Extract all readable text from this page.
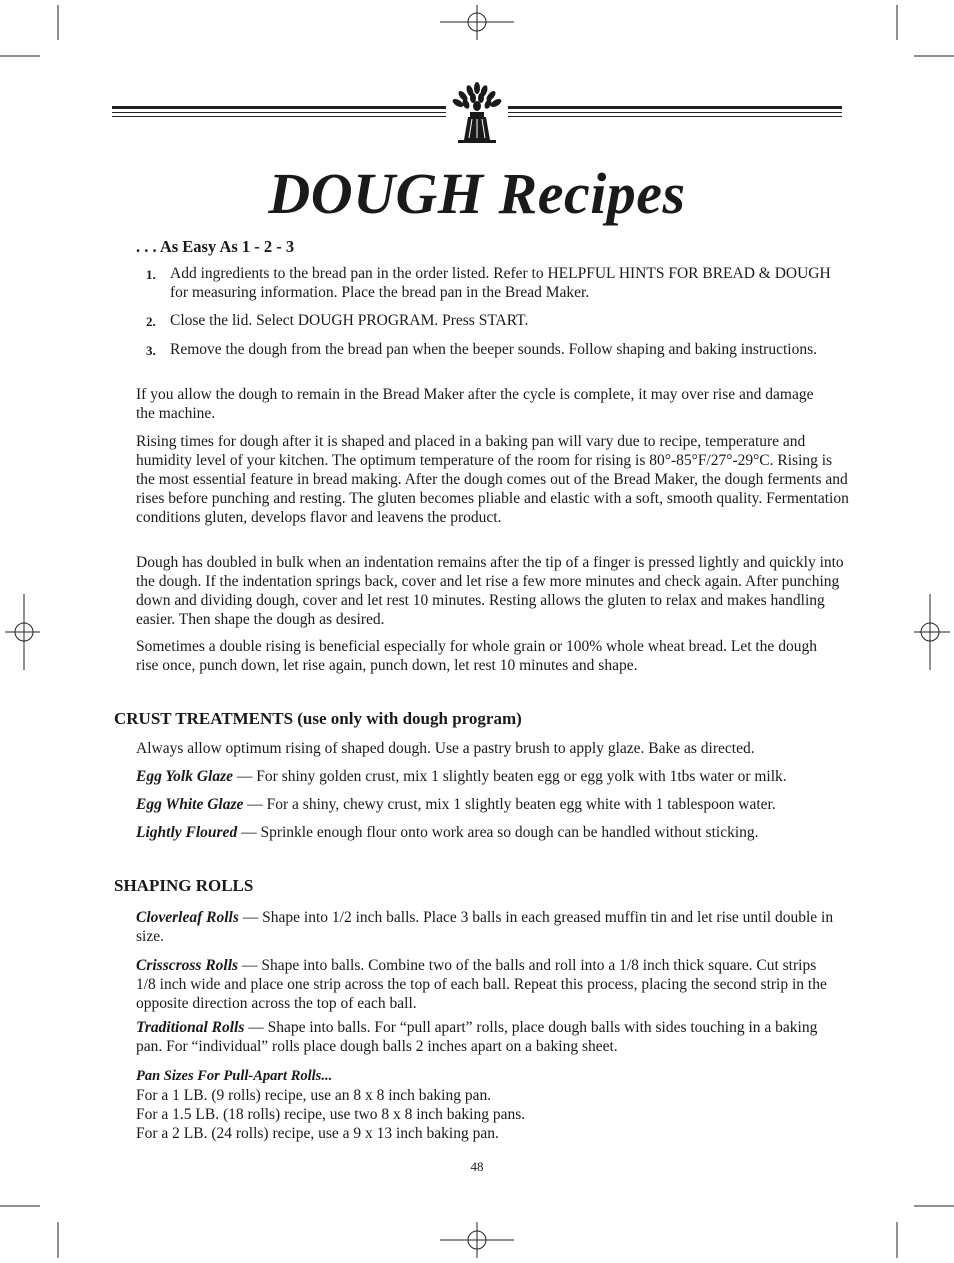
DOUGH Recipes
. . . As Easy As 1 - 2 - 3
1. Add ingredients to the bread pan in the order listed. Refer to HELPFUL HINTS FOR BREAD & DOUGH for measuring information. Place the bread pan in the Bread Maker.
2. Close the lid. Select DOUGH PROGRAM. Press START.
3. Remove the dough from the bread pan when the beeper sounds. Follow shaping and baking instructions.

If you allow the dough to remain in the Bread Maker after the cycle is complete, it may over rise and damage the machine.

Rising times for dough after it is shaped and placed in a baking pan will vary due to recipe, temperature and humidity level of your kitchen. The optimum temperature of the room for rising is 80°-85°F/27°-29°C. Rising is the most essential feature in bread making. After the dough comes out of the Bread Maker, the dough ferments and rises before punching and resting. The gluten becomes pliable and elastic with a soft, smooth quality. Fermentation conditions gluten, develops flavor and leavens the product.

Dough has doubled in bulk when an indentation remains after the tip of a finger is pressed lightly and quickly into the dough. If the indentation springs back, cover and let rise a few more minutes and check again. After punching down and dividing dough, cover and let rest 10 minutes. Resting allows the gluten to relax and makes handling easier. Then shape the dough as desired.

Sometimes a double rising is beneficial especially for whole grain or 100% whole wheat bread. Let the dough rise once, punch down, let rise again, punch down, let rest 10 minutes and shape.

CRUST TREATMENTS (use only with dough program)

Always allow optimum rising of shaped dough. Use a pastry brush to apply glaze. Bake as directed.

Egg Yolk Glaze — For shiny golden crust, mix 1 slightly beaten egg or egg yolk with 1tbs water or milk.

Egg White Glaze — For a shiny, chewy crust, mix 1 slightly beaten egg white with 1 tablespoon water.

Lightly Floured — Sprinkle enough flour onto work area so dough can be handled without sticking.

SHAPING ROLLS

Cloverleaf Rolls — Shape into 1/2 inch balls. Place 3 balls in each greased muffin tin and let rise until double in size.

Crisscross Rolls — Shape into balls. Combine two of the balls and roll into a 1/8 inch thick square. Cut strips 1/8 inch wide and place one strip across the top of each ball. Repeat this process, placing the second strip in the opposite direction across the top of each ball.

Traditional Rolls — Shape into balls. For “pull apart” rolls, place dough balls with sides touching in a baking pan. For “individual” rolls place dough balls 2 inches apart on a baking sheet.

Pan Sizes For Pull-Apart Rolls...
For a 1 LB. (9 rolls) recipe, use an 8 x 8 inch baking pan.
For a 1.5 LB. (18 rolls) recipe, use two 8 x 8 inch baking pans.
For a 2 LB. (24 rolls) recipe, use a 9 x 13 inch baking pan.
48
